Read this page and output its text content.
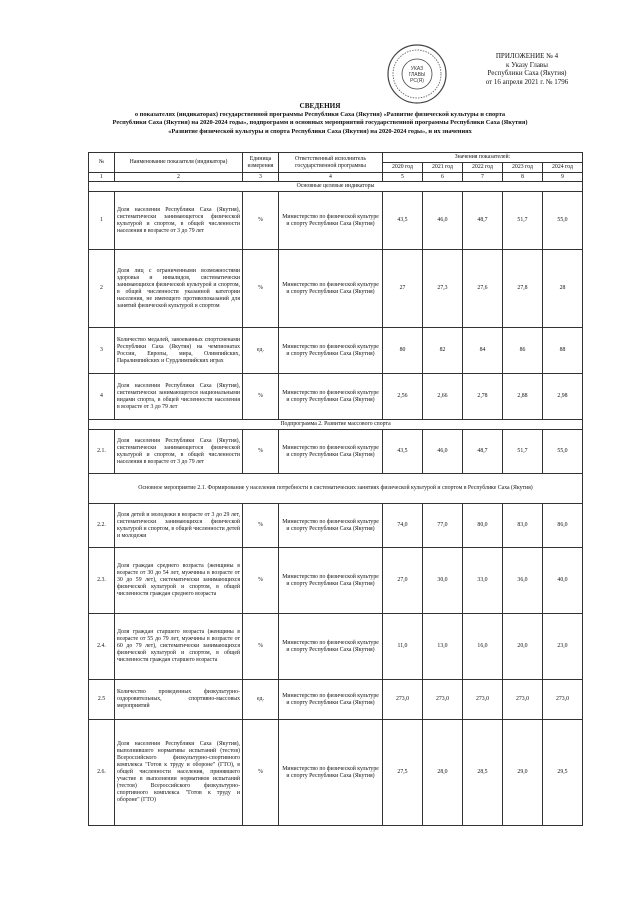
УКАЗ
ГЛАВЫ
РС(Я)
ПРИЛОЖЕНИЕ № 4
к Указу Главы
Республики Саха (Якутия)
от 16 апреля 2021 г. № 1796
СВЕДЕНИЯ
о показателях (индикаторах) государственной программы Республики Саха (Якутия) «Развитие физической культуры и спорта
Республики Саха (Якутия) на 2020-2024 годы», подпрограмм и основных мероприятий государственной программы Республики Саха (Якутия)
«Развитие физической культуры и спорта Республики Саха (Якутия) на 2020-2024 годы», и их значениях
№	Наименование показателя (индикатора)	Единица измерения	Ответственный исполнитель государственной программы	Значения показателей:				
				2020 год	2021 год	2022 год	2023 год	2024 год
1	2	3	4	5	6	7	8	9
Основные целевые индикаторы								
1	Доля населения Республики Саха (Якутия), систематически занимающегося физической культурой и спортом, в общей численности населения в возрасте от 3 до 79 лет	%	Министерство по физической культуре и спорту Республики Саха (Якутия)	43,5	46,0	48,7	51,7	55,0
2	Доля лиц с ограниченными возможностями здоровья и инвалидов, систематически занимающихся физической культурой и спортом, в общей численности указанной категории населения, не имеющего противопоказаний для занятий физической культурой и спортом	%	Министерство по физической культуре и спорту Республики Саха (Якутия)	27	27,3	27,6	27,8	28
3	Количество медалей, завоеванных спортсменами Республики Саха (Якутия) на чемпионатах России, Европы, мира, Олимпийских, Паралимпийских и Сурдлимпийских играх	ед.	Министерство по физической культуре и спорту Республики Саха (Якутия)	80	82	84	86	88
4	Доля населения Республики Саха (Якутия), систематически занимающегося национальными видами спорта, в общей численности населения в возрасте от 3 до 79 лет	%	Министерство по физической культуре и спорту Республики Саха (Якутия)	2,56	2,66	2,78	2,88	2,98
Подпрограмма 2. Развитие массового спорта								
2.1.	Доля населения Республики Саха (Якутия), систематически занимающегося физической культурой и спортом, в общей численности населения в возрасте от 3 до 79 лет	%	Министерство по физической культуре и спорту Республики Саха (Якутия)	43,5	46,0	48,7	51,7	55,0
Основное мероприятие 2.1. Формирование у населения потребности в систематических занятиях физической культурой и спортом в Республике Саха (Якутия)								
2.2.	Доля детей и молодежи в возрасте от 3 до 29 лет, систематически занимающихся физической культурой и спортом, в общей численности детей и молодежи	%	Министерство по физической культуре и спорту Республики Саха (Якутия)	74,0	77,0	80,0	83,0	86,0
2.3.	Доля граждан среднего возраста (женщины в возрасте от 30 до 54 лет, мужчины в возрасте от 30 до 59 лет), систематически занимающихся физической культурой и спортом, в общей численности граждан среднего возраста	%	Министерство по физической культуре и спорту Республики Саха (Якутия)	27,0	30,0	33,0	36,0	40,0
2.4.	Доля граждан старшего возраста (женщины в возрасте от 55 до 79 лет, мужчины в возрасте от 60 до 79 лет), систематически занимающихся физической культурой и спортом, в общей численности граждан старшего возраста	%	Министерство по физической культуре и спорту Республики Саха (Якутия)	11,0	13,0	16,0	20,0	23,0
2.5	Количество проведенных физкультурно-оздоровительных, спортивно-массовых мероприятий	ед.	Министерство по физической культуре и спорту Республики Саха (Якутия)	273,0	273,0	273,0	273,0	273,0
2.6.	Доля населения Республики Саха (Якутия), выполнившего нормативы испытаний (тестов) Всероссийского физкультурно-спортивного комплекса "Готов к труду и обороне" (ГТО), в общей численности населения, принявшего участие в выполнении нормативов испытаний (тестов) Всероссийского физкультурно-спортивного комплекса "Готов к труду и обороне" (ГТО)	%	Министерство по физической культуре и спорту Республики Саха (Якутия)	27,5	28,0	28,5	29,0	29,5
